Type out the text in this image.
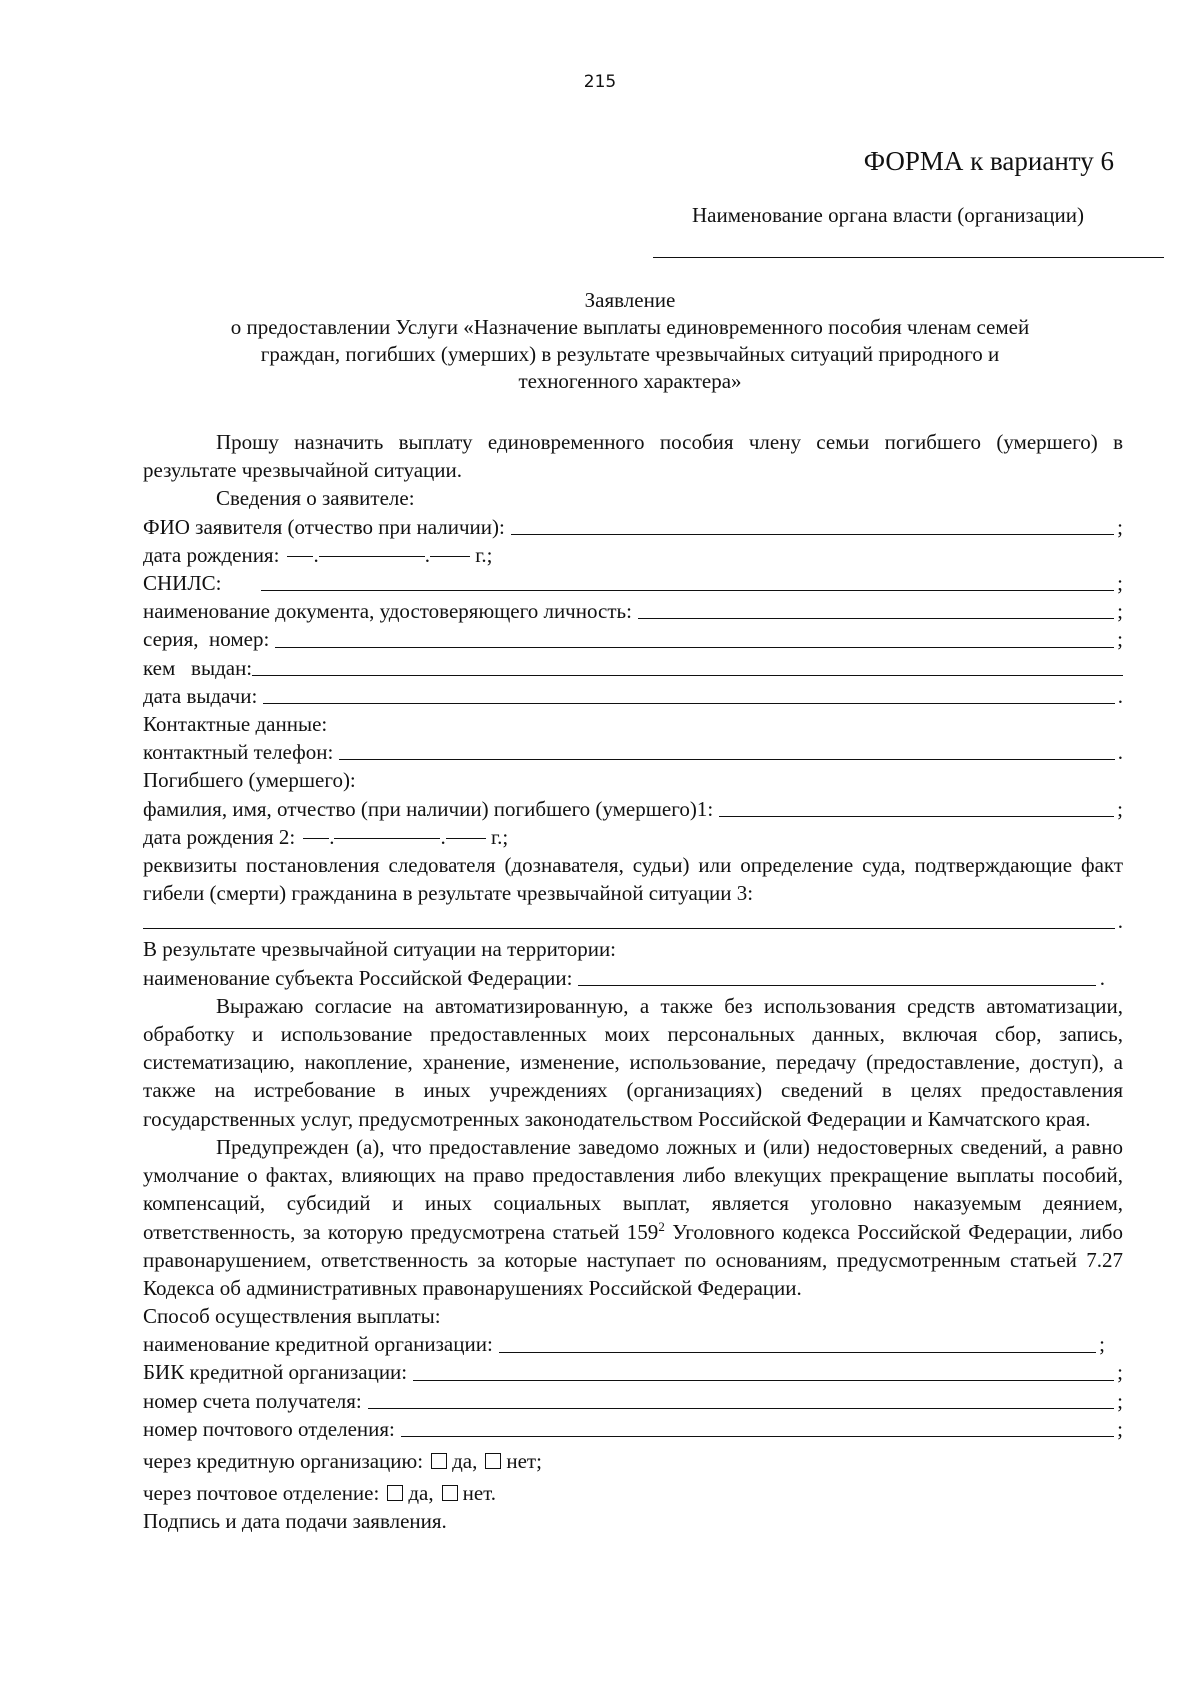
215
ФОРМА к варианту 6
Наименование органа власти (организации)
Заявление
о предоставлении Услуги «Назначение выплаты единовременного пособия членам семей
граждан, погибших (умерших) в результате чрезвычайных ситуаций природного и
техногенного характера»

Прошу назначить выплату единовременного пособия члену семьи погибшего (умершего) в результате чрезвычайной ситуации.

Сведения о заявителе:
ФИО заявителя (отчество при наличии):	;
дата рождения:	.	. г.;
СНИЛС:	;
наименование документа, удостоверяющего личность:	;
серия,  номер:	;
кем   выдан:
дата выдачи:	.
Контактные данные:
контактный телефон:	.
Погибшего (умершего):
фамилия, имя, отчество (при наличии) погибшего (умершего)1:	;
дата рождения 2:	.	. г.;

реквизиты постановления следователя (дознавателя, судьи) или определение суда, подтверждающие факт гибели (смерти) гражданина в результате чрезвычайной ситуации 3:

.
В результате чрезвычайной ситуации на территории:
наименование субъекта Российской Федерации:	.

Выражаю согласие на автоматизированную, а также без использования средств автоматизации, обработку и использование предоставленных моих персональных данных, включая сбор, запись, систематизацию, накопление, хранение, изменение, использование, передачу (предоставление, доступ), а также на истребование в иных учреждениях (организациях) сведений в целях предоставления государственных услуг, предусмотренных законодательством Российской Федерации и Камчатского края.

Предупрежден (а), что предоставление заведомо ложных и (или) недостоверных сведений, а равно умолчание о фактах, влияющих на право предоставления либо влекущих прекращение выплаты пособий, компенсаций, субсидий и иных социальных выплат, является уголовно наказуемым деянием, ответственность, за которую предусмотрена статьей $159^2$ Уголовного кодекса Российской Федерации, либо правонарушением, ответственность за которые наступает по основаниям, предусмотренным статьей 7.27 Кодекса об административных правонарушениях Российской Федерации.

Способ осуществления выплаты:
наименование кредитной организации:	;
БИК кредитной организации:	;
номер счета получателя:	;
номер почтового отделения:	;
через кредитную организацию: да, нет;
через почтовое отделение: да, нет.
Подпись и дата подачи заявления.
